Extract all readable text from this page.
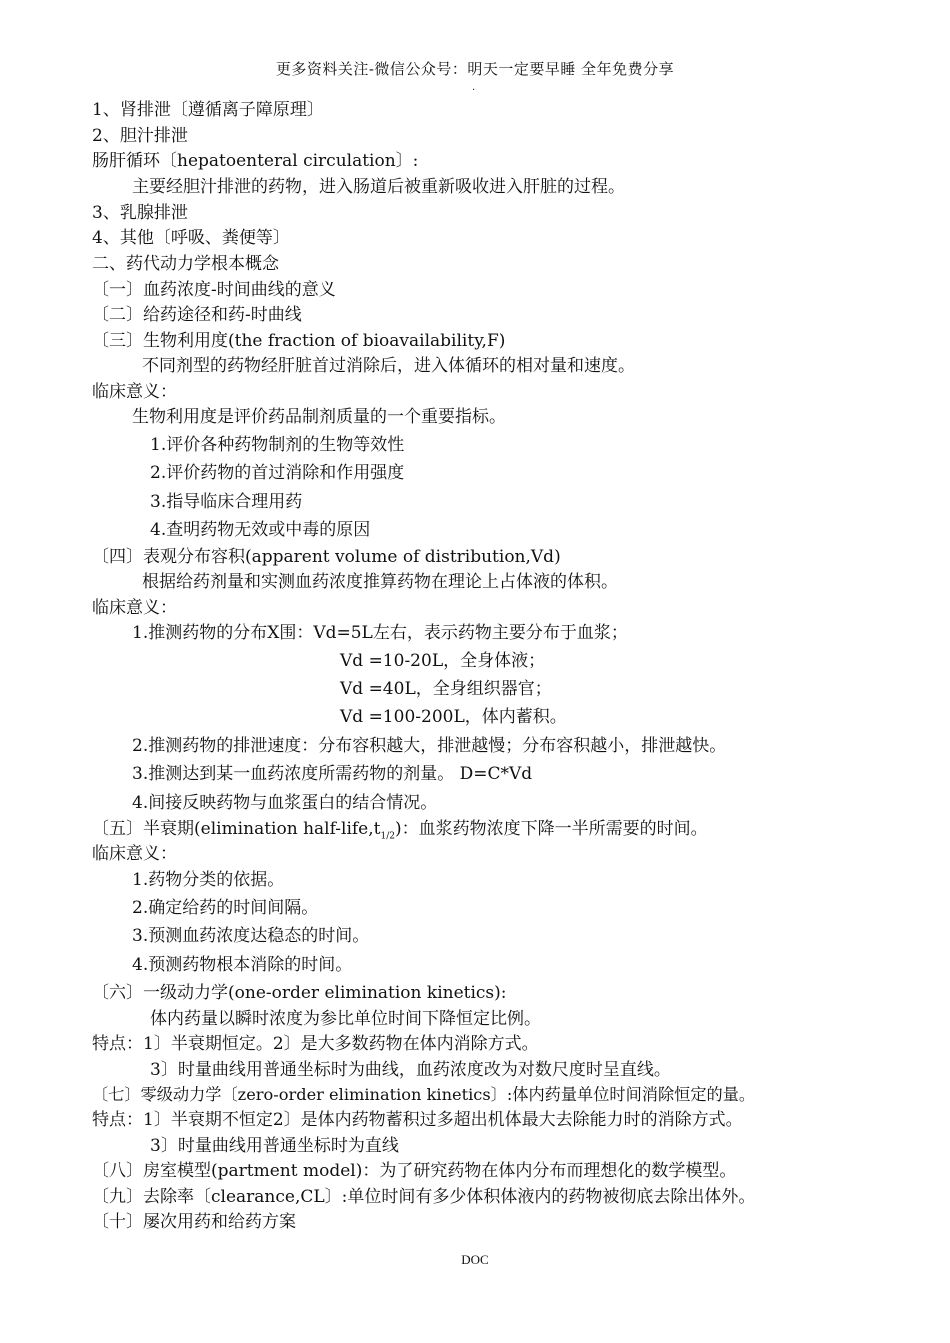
更多资料关注-微信公众号：明天一定要早睡 全年免费分享
.
1、肾排泄〔遵循离子障原理〕
2、胆汁排泄
肠肝循环〔hepatoenteral circulation〕:
主要经胆汁排泄的药物，进入肠道后被重新吸收进入肝脏的过程。
3、乳腺排泄
4、其他〔呼吸、粪便等〕
二、药代动力学根本概念
〔一〕血药浓度-时间曲线的意义
〔二〕给药途径和药-时曲线
〔三〕生物利用度(the fraction of bioavailability,F)
不同剂型的药物经肝脏首过消除后，进入体循环的相对量和速度。
临床意义：
生物利用度是评价药品制剂质量的一个重要指标。
1.评价各种药物制剂的生物等效性
2.评价药物的首过消除和作用强度
3.指导临床合理用药
4.查明药物无效或中毒的原因
〔四〕表观分布容积(apparent volume of distribution,Vd)
根据给药剂量和实测血药浓度推算药物在理论上占体液的体积。
临床意义：
1.推测药物的分布X围：Vd=5L左右，表示药物主要分布于血浆；
Vd =10-20L，全身体液；
Vd =40L，全身组织器官；
Vd =100-200L，体内蓄积。
2.推测药物的排泄速度：分布容积越大，排泄越慢；分布容积越小，排泄越快。
3.推测达到某一血药浓度所需药物的剂量。 D=C*Vd
4.间接反映药物与血浆蛋白的结合情况。
〔五〕半衰期(elimination half-$life,t_{1/2}$)：血浆药物浓度下降一半所需要的时间。
临床意义：
1.药物分类的依据。
2.确定给药的时间间隔。
3.预测血药浓度达稳态的时间。
4.预测药物根本消除的时间。
〔六〕一级动力学(one-order elimination kinetics):
体内药量以瞬时浓度为参比单位时间下降恒定比例。
特点：1〕半衰期恒定。2〕是大多数药物在体内消除方式。
3〕时量曲线用普通坐标时为曲线，血药浓度改为对数尺度时呈直线。
〔七〕零级动力学〔zero-order elimination kinetics〕:体内药量单位时间消除恒定的量。
特点：1〕半衰期不恒定2〕是体内药物蓄积过多超出机体最大去除能力时的消除方式。
3〕时量曲线用普通坐标时为直线
〔八〕房室模型(partment model)：为了研究药物在体内分布而理想化的数学模型。
〔九〕去除率〔clearance,CL〕:单位时间有多少体积体液内的药物被彻底去除出体外。
〔十〕屡次用药和给药方案
DOC
